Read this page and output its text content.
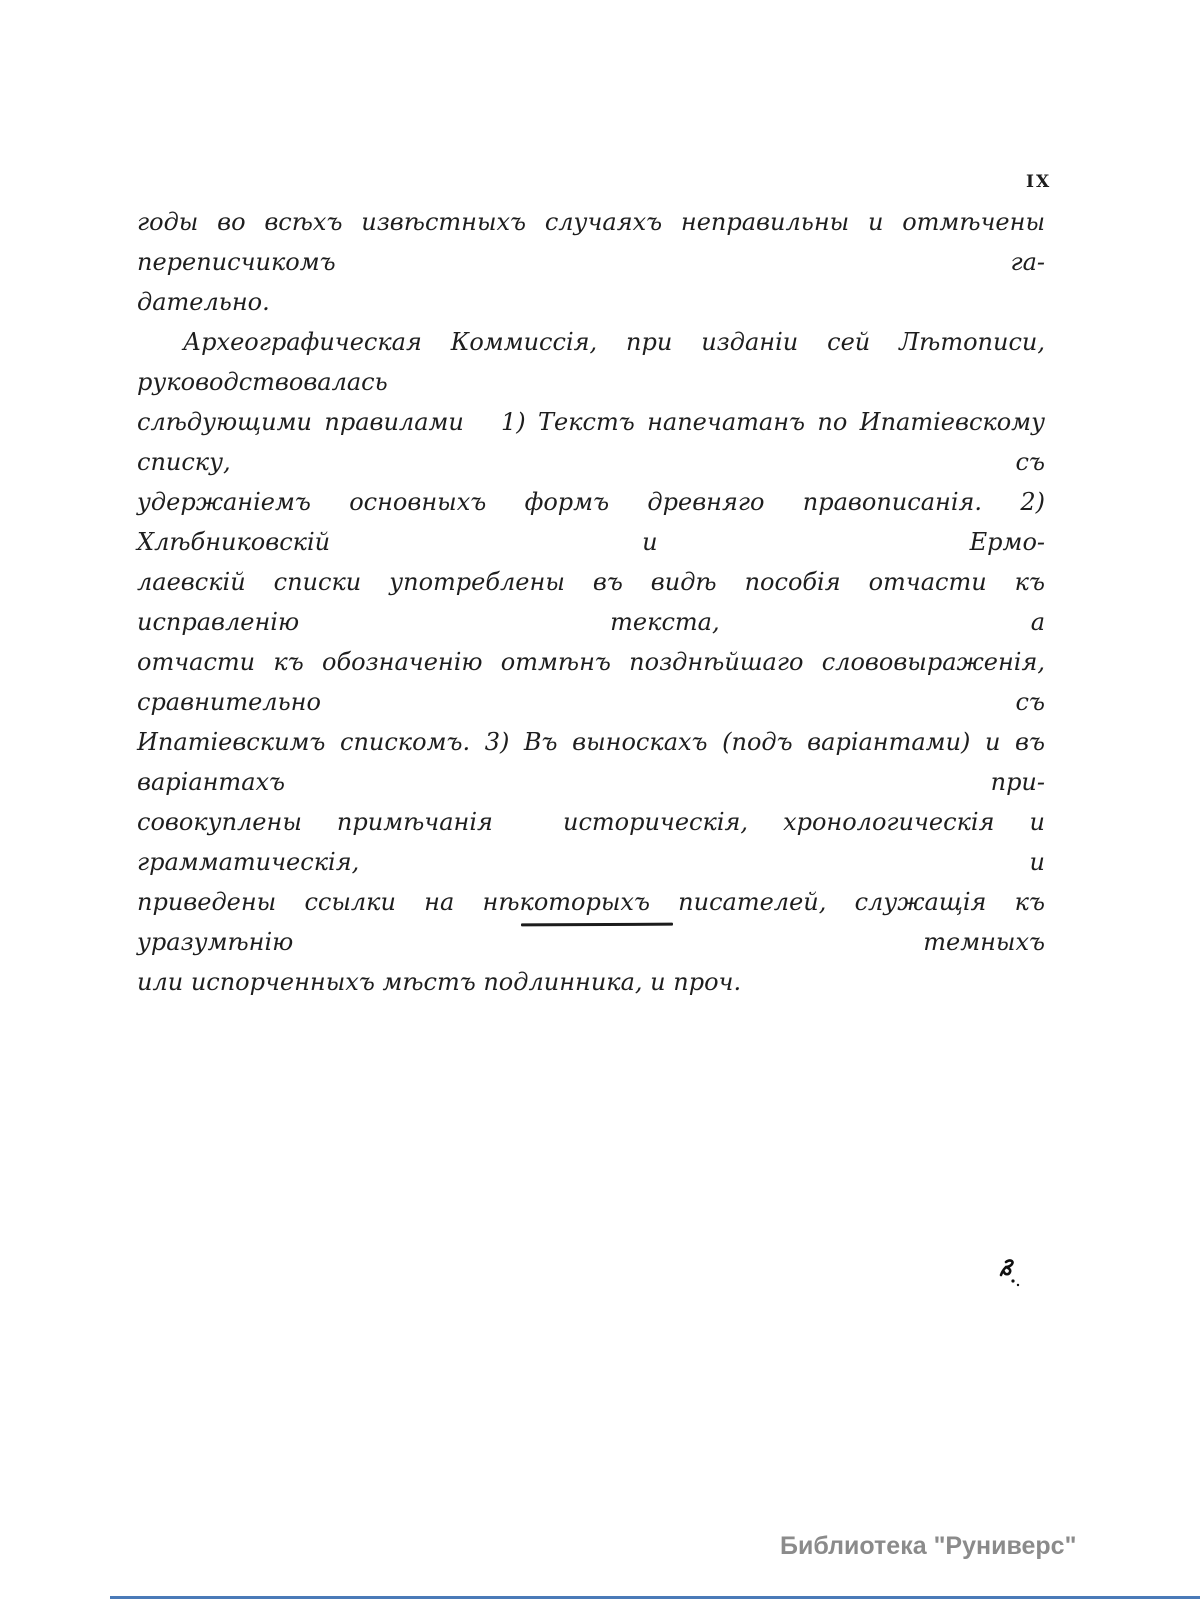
IX
годы во всѣхъ извѣстныхъ случаяхъ неправильны и отмѣчены переписчикомъ га-
дательно.
Археографическая Коммиссія, при изданіи сей Лѣтописи, руководствовалась
слѣдующими правилами   1) Текстъ напечатанъ по Ипатіевскому списку, съ
удержаніемъ основныхъ формъ древняго правописанія. 2) Хлѣбниковскій и Ермо-
лаевскій списки употреблены въ видѣ пособія отчасти къ исправленію текста, а
отчасти къ обозначенію отмѣнъ позднѣйшаго слововыраженія, сравнительно съ
Ипатіевскимъ спискомъ. 3) Въ выноскахъ (подъ варіантами) и въ варіантахъ при-
совокуплены примѣчанія  историческія, хронологическія и грамматическія, и
приведены ссылки на нѣкоторыхъ писателей, служащія къ уразумѣнію темныхъ
или испорченныхъ мѣстъ подлинника, и проч.
Библиотека "Руниверс"
